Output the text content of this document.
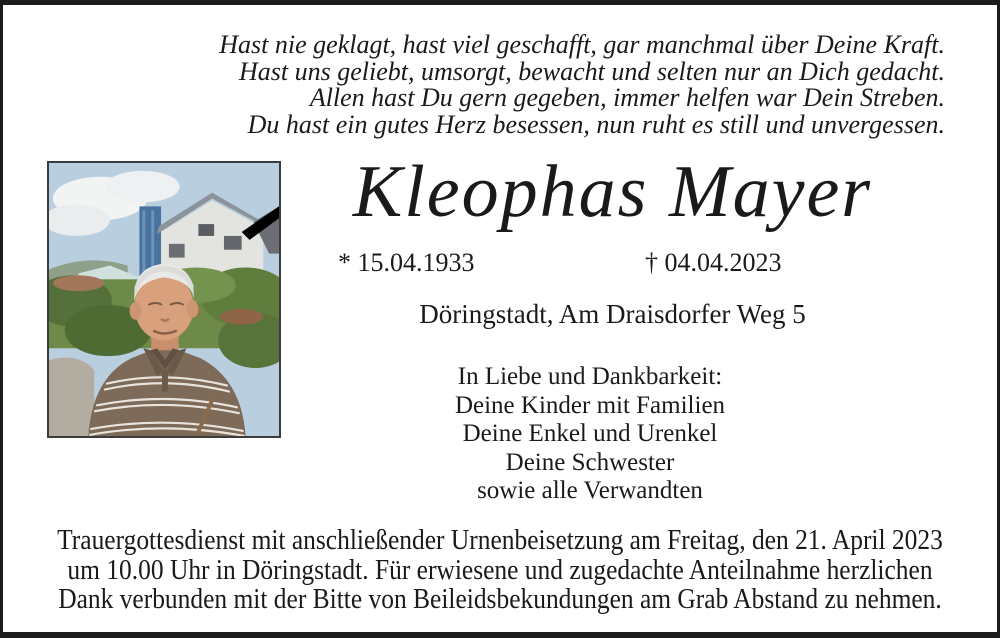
Hast nie geklagt, hast viel geschafft, gar manchmal über Deine Kraft.
Hast uns geliebt, umsorgt, bewacht und selten nur an Dich gedacht.
Allen hast Du gern gegeben, immer helfen war Dein Streben.
Du hast ein gutes Herz besessen, nun ruht es still und unvergessen.
Kleophas Mayer
* 15.04.1933	† 04.04.2023
Döringstadt, Am Draisdorfer Weg 5
In Liebe und Dankbarkeit:
Deine Kinder mit Familien
Deine Enkel und Urenkel
Deine Schwester
sowie alle Verwandten
Trauergottesdienst mit anschließender Urnenbeisetzung am Freitag, den 21. April 2023
um 10.00 Uhr in Döringstadt. Für erwiesene und zugedachte Anteilnahme herzlichen
Dank verbunden mit der Bitte von Beileidsbekundungen am Grab Abstand zu nehmen.
